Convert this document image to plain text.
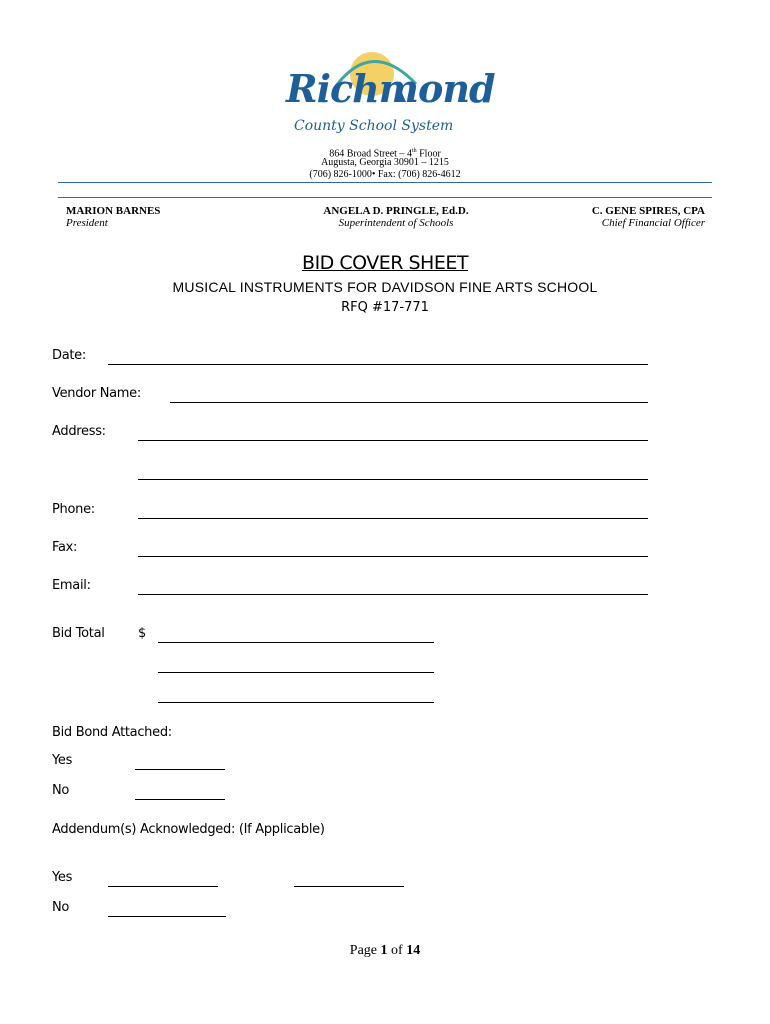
Richmond
County School System
864 Broad Street – 4th Floor
Augusta, Georgia 30901 – 1215
(706) 826-1000• Fax: (706) 826-4612
MARION BARNES
President
ANGELA D. PRINGLE, Ed.D.
Superintendent of Schools
C. GENE SPIRES, CPA
Chief Financial Officer
BID COVER SHEET
MUSICAL INSTRUMENTS FOR DAVIDSON FINE ARTS SCHOOL
RFQ #17-771
Date:
Vendor Name:
Address:
Phone:
Fax:
Email:
Bid Total	$
Bid Bond Attached:
Yes
No
Addendum(s) Acknowledged: (If Applicable)
Yes
No
Page 1 of 14
